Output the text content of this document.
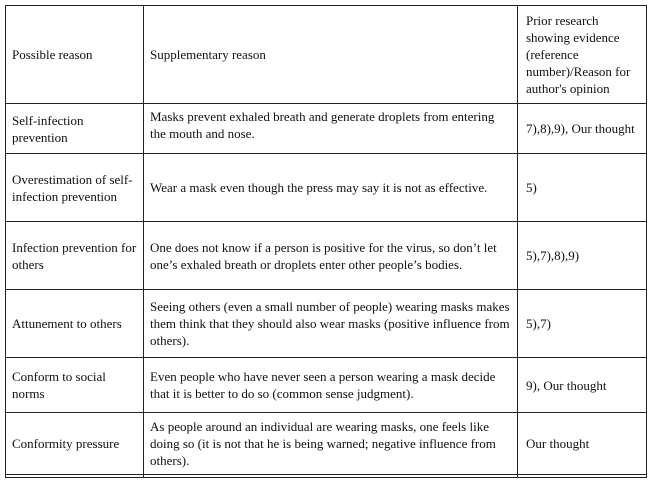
Possible reason	Supplementary reason	Prior research showing evidence (reference number)/Reason for author's opinion
Self-infection prevention	Masks prevent exhaled breath and generate droplets from entering the mouth and nose.	7),8),9), Our thought
Overestimation of self-infection prevention	Wear a mask even though the press may say it is not as effective.	5)
Infection prevention for others	One does not know if a person is positive for the virus, so don’t let one’s exhaled breath or droplets enter other people’s bodies.	5),7),8),9)
Attunement to others	Seeing others (even a small number of people) wearing masks makes them think that they should also wear masks (positive influence from others).	5),7)
Conform to social norms	Even people who have never seen a person wearing a mask decide that it is better to do so (common sense judgment).	9), Our thought
Conformity pressure	As people around an individual are wearing masks, one feels like doing so (it is not that he is being warned; negative influence from others).	Our thought
